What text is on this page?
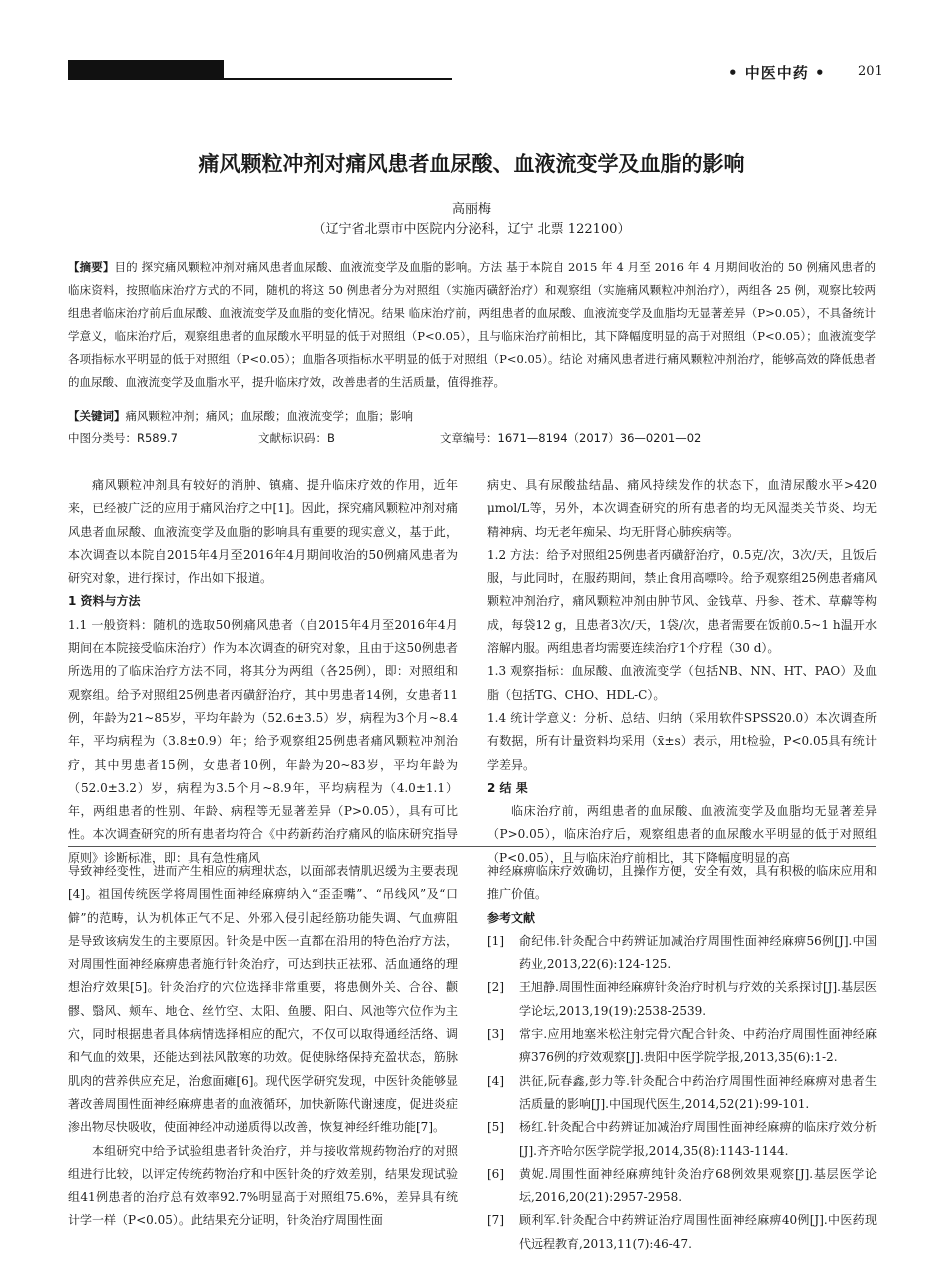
• 中医中药 • 201
痛风颗粒冲剂对痛风患者血尿酸、血液流变学及血脂的影响
高丽梅
（辽宁省北票市中医院内分泌科，辽宁 北票 122100）
【摘要】目的 探究痛风颗粒冲剂对痛风患者血尿酸、血液流变学及血脂的影响。方法 基于本院自 2015 年 4 月至 2016 年 4 月期间收治的 50 例痛风患者的临床资料，按照临床治疗方式的不同，随机的将这 50 例患者分为对照组（实施丙磺舒治疗）和观察组（实施痛风颗粒冲剂治疗），两组各 25 例，观察比较两组患者临床治疗前后血尿酸、血液流变学及血脂的变化情况。结果 临床治疗前，两组患者的血尿酸、血液流变学及血脂均无显著差异（P>0.05），不具备统计学意义，临床治疗后，观察组患者的血尿酸水平明显的低于对照组（P<0.05），且与临床治疗前相比，其下降幅度明显的高于对照组（P<0.05）；血液流变学各项指标水平明显的低于对照组（P<0.05）；血脂各项指标水平明显的低于对照组（P<0.05）。结论 对痛风患者进行痛风颗粒冲剂治疗，能够高效的降低患者的血尿酸、血液流变学及血脂水平，提升临床疗效，改善患者的生活质量，值得推荐。
【关键词】痛风颗粒冲剂；痛风；血尿酸；血液流变学；血脂；影响
中图分类号：R589.7	文献标识码：B	文章编号：1671—8194（2017）36—0201—02

痛风颗粒冲剂具有较好的消肿、镇痛、提升临床疗效的作用，近年来，已经被广泛的应用于痛风治疗之中[1]。因此，探究痛风颗粒冲剂对痛风患者血尿酸、血液流变学及血脂的影响具有重要的现实意义，基于此，本次调查以本院自2015年4月至2016年4月期间收治的50例痛风患者为研究对象，进行探讨，作出如下报道。

1 资料与方法

1.1 一般资料：随机的选取50例痛风患者（自2015年4月至2016年4月期间在本院接受临床治疗）作为本次调查的研究对象，且由于这50例患者所选用的了临床治疗方法不同，将其分为两组（各25例），即：对照组和观察组。给予对照组25例患者丙磺舒治疗，其中男患者14例，女患者11例，年龄为21~85岁，平均年龄为（52.6±3.5）岁，病程为3个月~8.4年，平均病程为（3.8±0.9）年；给予观察组25例患者痛风颗粒冲剂治疗，其中男患者15例，女患者10例，年龄为20~83岁，平均年龄为（52.0±3.2）岁，病程为3.5个月~8.9年，平均病程为（4.0±1.1）年，两组患者的性别、年龄、病程等无显著差异（P>0.05），具有可比性。本次调查研究的所有患者均符合《中药新药治疗痛风的临床研究指导原则》诊断标准，即：具有急性痛风

病史、具有尿酸盐结晶、痛风持续发作的状态下，血清尿酸水平>420 μmol/L等，另外，本次调查研究的所有患者的均无风湿类关节炎、均无精神病、均无老年痴呆、均无肝肾心肺疾病等。

1.2 方法：给予对照组25例患者丙磺舒治疗，0.5克/次，3次/天，且饭后服，与此同时，在服药期间，禁止食用高嘌呤。给予观察组25例患者痛风颗粒冲剂治疗，痛风颗粒冲剂由肿节风、金钱草、丹参、苍术、草薢等构成，每袋12 g，且患者3次/天，1袋/次，患者需要在饭前0.5~1 h温开水溶解内服。两组患者均需要连续治疗1个疗程（30 d）。

1.3 观察指标：血尿酸、血液流变学（包括NB、NN、HT、PAO）及血脂（包括TG、CHO、HDL-C）。

1.4 统计学意义：分析、总结、归纳（采用软件SPSS20.0）本次调查所有数据，所有计量资料均采用（x̄±s）表示，用t检验，P<0.05具有统计学差异。

2 结 果

临床治疗前，两组患者的血尿酸、血液流变学及血脂均无显著差异（P>0.05），临床治疗后，观察组患者的血尿酸水平明显的低于对照组（P<0.05），且与临床治疗前相比，其下降幅度明显的高

导致神经变性，进而产生相应的病理状态，以面部表情肌迟缓为主要表现[4]。祖国传统医学将周围性面神经麻痹纳入“歪歪嘴”、“吊线风”及“口僻”的范畴，认为机体正气不足、外邪入侵引起经筋功能失调、气血痹阻是导致该病发生的主要原因。针灸是中医一直都在沿用的特色治疗方法，对周围性面神经麻痹患者施行针灸治疗，可达到扶正祛邪、活血通络的理想治疗效果[5]。针灸治疗的穴位选择非常重要，将患侧外关、合谷、颧髎、翳风、颊车、地仓、丝竹空、太阳、鱼腰、阳白、风池等穴位作为主穴，同时根据患者具体病情选择相应的配穴，不仅可以取得通经活络、调和气血的效果，还能达到祛风散寒的功效。促使脉络保持充盈状态，筋脉肌肉的营养供应充足，治愈面瘫[6]。现代医学研究发现，中医针灸能够显著改善周围性面神经麻痹患者的血液循环，加快新陈代谢速度，促进炎症渗出物尽快吸收，使面神经冲动递质得以改善，恢复神经纤维功能[7]。

本组研究中给予试验组患者针灸治疗，并与接收常规药物治疗的对照组进行比较，以评定传统药物治疗和中医针灸的疗效差别，结果发现试验组41例患者的治疗总有效率92.7%明显高于对照组75.6%，差异具有统计学一样（P<0.05）。此结果充分证明，针灸治疗周围性面

神经麻痹临床疗效确切，且操作方便，安全有效，具有积极的临床应用和推广价值。

参考文献

[1]	俞纪伟.针灸配合中药辨证加减治疗周围性面神经麻痹56例[J].中国药业,2013,22(6):124-125.
[2]	王旭静.周围性面神经麻痹针灸治疗时机与疗效的关系探讨[J].基层医学论坛,2013,19(19):2538-2539.
[3]	常宇.应用地塞米松注射完骨穴配合针灸、中药治疗周围性面神经麻痹376例的疗效观察[J].贵阳中医学院学报,2013,35(6):1-2.
[4]	洪征,阮春鑫,彭力等.针灸配合中药治疗周围性面神经麻痹对患者生活质量的影响[J].中国现代医生,2014,52(21):99-101.
[5]	杨红.针灸配合中药辨证加减治疗周围性面神经麻痹的临床疗效分析[J].齐齐哈尔医学院学报,2014,35(8):1143-1144.
[6]	黄妮.周围性面神经麻痹纯针灸治疗68例效果观察[J].基层医学论坛,2016,20(21):2957-2958.
[7]	顾利军.针灸配合中药辨证治疗周围性面神经麻痹40例[J].中医药现代远程教育,2013,11(7):46-47.
